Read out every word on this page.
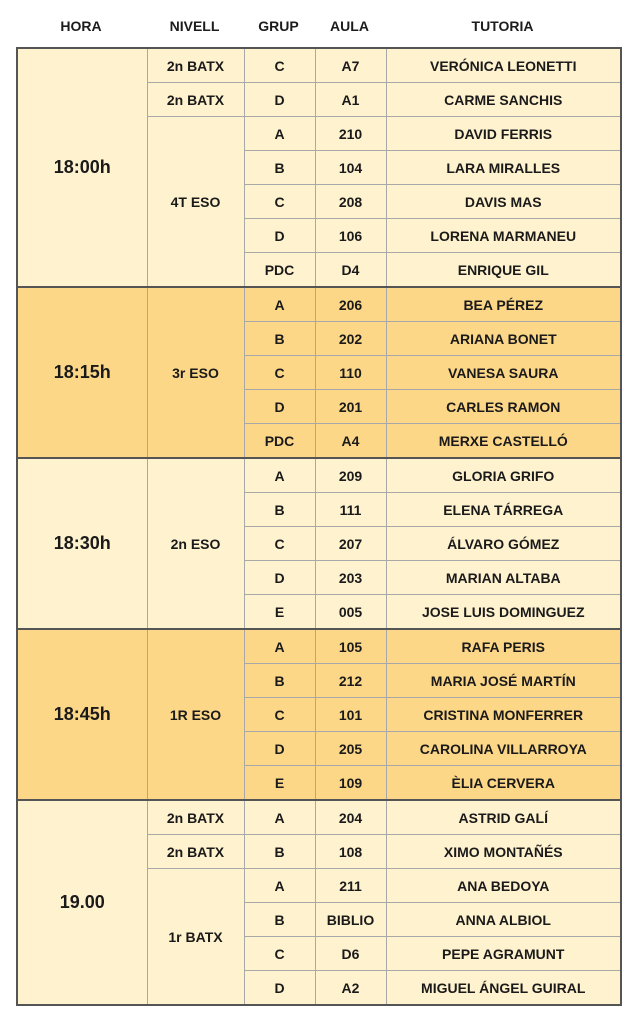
HORA	NIVELL	GRUP	AULA	TUTORIA
18:00h	2n BATX	C	A7	VERÓNICA LEONETTI
	2n BATX	D	A1	CARME SANCHIS
	4T ESO	A	210	DAVID FERRIS
		B	104	LARA MIRALLES
		C	208	DAVIS MAS
		D	106	LORENA MARMANEU
		PDC	D4	ENRIQUE GIL
18:15h	3r ESO	A	206	BEA PÉREZ
		B	202	ARIANA BONET
		C	110	VANESA SAURA
		D	201	CARLES RAMON
		PDC	A4	MERXE CASTELLÓ
18:30h	2n ESO	A	209	GLORIA GRIFO
		B	111	ELENA TÁRREGA
		C	207	ÁLVARO GÓMEZ
		D	203	MARIAN ALTABA
		E	005	JOSE LUIS DOMINGUEZ
18:45h	1R ESO	A	105	RAFA PERIS
		B	212	MARIA JOSÉ MARTÍN
		C	101	CRISTINA MONFERRER
		D	205	CAROLINA VILLARROYA
		E	109	ÈLIA CERVERA
19.00	2n BATX	A	204	ASTRID GALÍ
	2n BATX	B	108	XIMO MONTAÑÉS
	1r BATX	A	211	ANA BEDOYA
		B	BIBLIO	ANNA ALBIOL
		C	D6	PEPE AGRAMUNT
		D	A2	MIGUEL ÁNGEL GUIRAL
